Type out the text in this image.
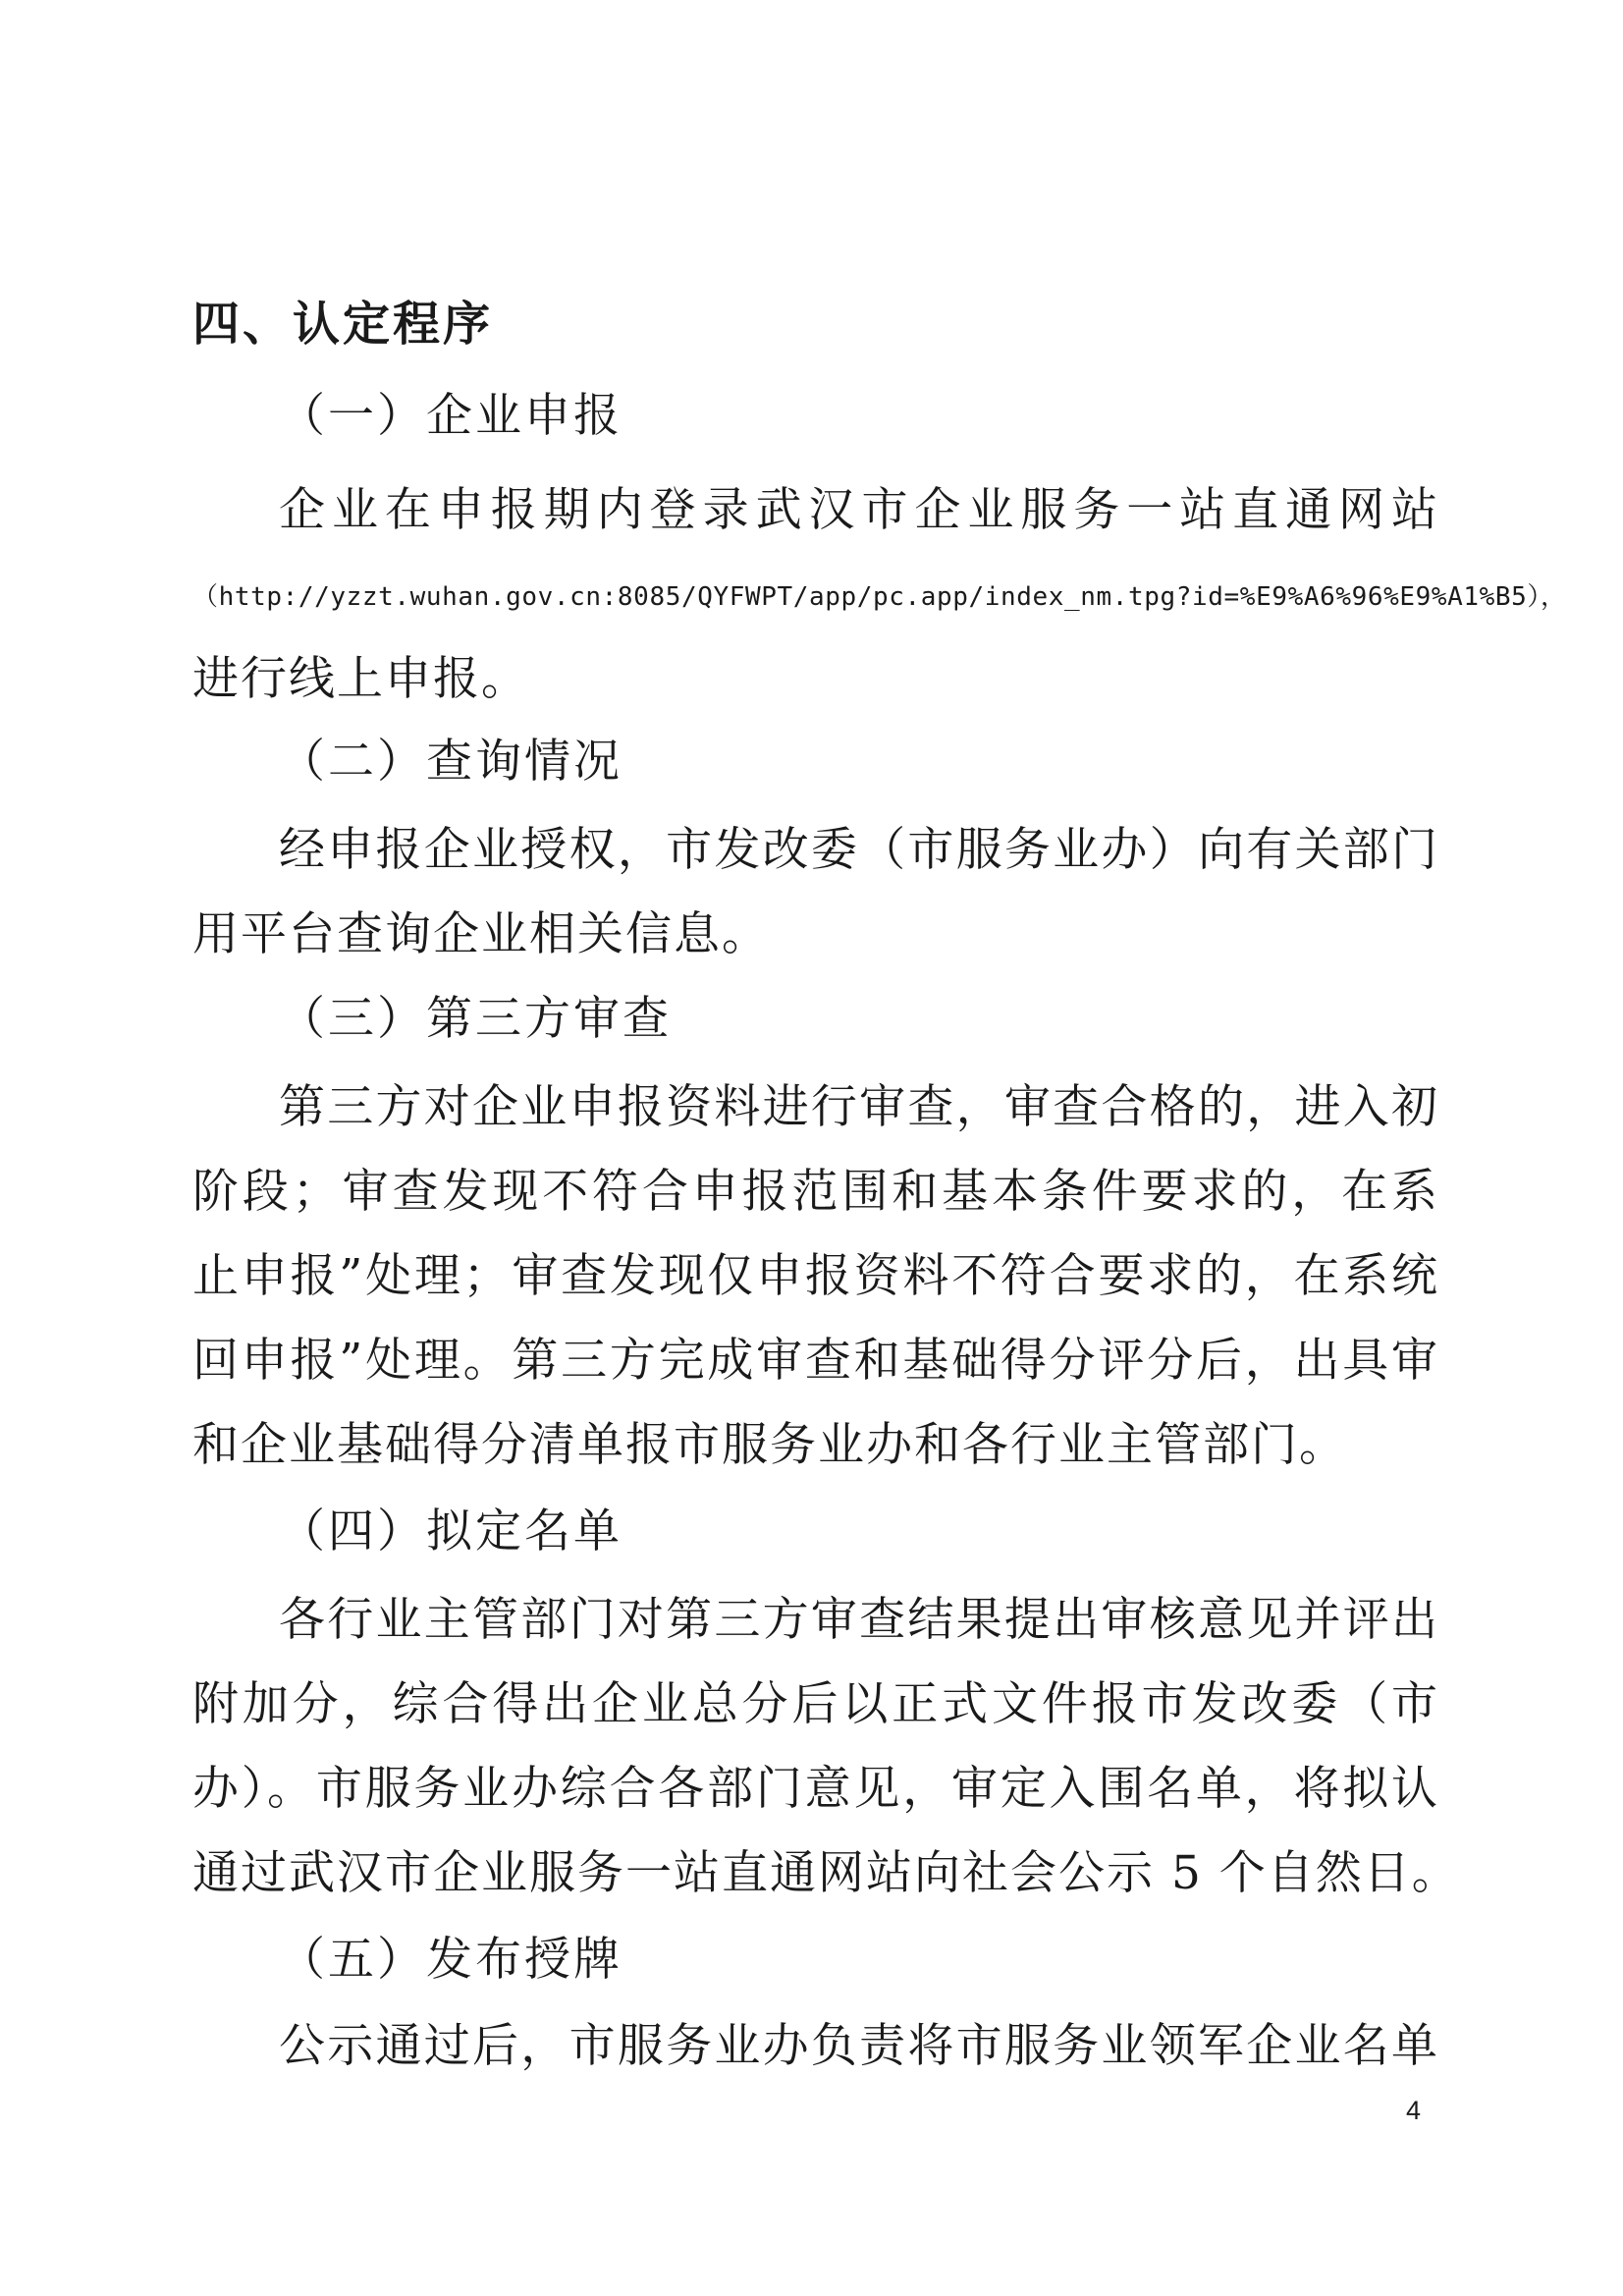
四、认定程序
（一）企业申报
企业在申报期内登录武汉市企业服务一站直通网站
（http://yzzt.wuhan.gov.cn:8085/QYFWPT/app/pc.app/index_nm.tpg?id=%E9%A6%96%E9%A1%B5），
进行线上申报。
（二）查询情况
经申报企业授权，市发改委（市服务业办）向有关部门
用平台查询企业相关信息。
（三）第三方审查
第三方对企业申报资料进行审查，审查合格的，进入初
阶段；审查发现不符合申报范围和基本条件要求的，在系
止申报”处理；审查发现仅申报资料不符合要求的，在系统
回申报”处理。第三方完成审查和基础得分评分后，出具审
和企业基础得分清单报市服务业办和各行业主管部门。
（四）拟定名单
各行业主管部门对第三方审查结果提出审核意见并评出
附加分，综合得出企业总分后以正式文件报市发改委（市
办）。市服务业办综合各部门意见，审定入围名单，将拟认
通过武汉市企业服务一站直通网站向社会公示 5 个自然日。
（五）发布授牌
公示通过后，市服务业办负责将市服务业领军企业名单
4
